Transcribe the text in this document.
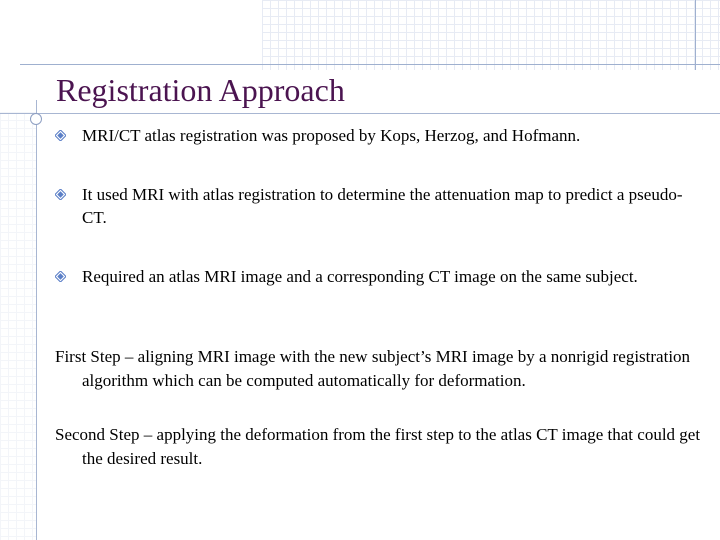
Registration Approach
MRI/CT atlas registration was proposed by Kops, Herzog, and Hofmann.
It used MRI with atlas registration to determine the attenuation map to predict a pseudo-CT.
Required an atlas MRI image and a corresponding CT image on the same subject.
First Step – aligning MRI image with the new subject’s MRI image by a nonrigid registration algorithm which can be computed automatically for deformation.
Second Step – applying the deformation from the first step to the atlas CT image that could get the desired result.
